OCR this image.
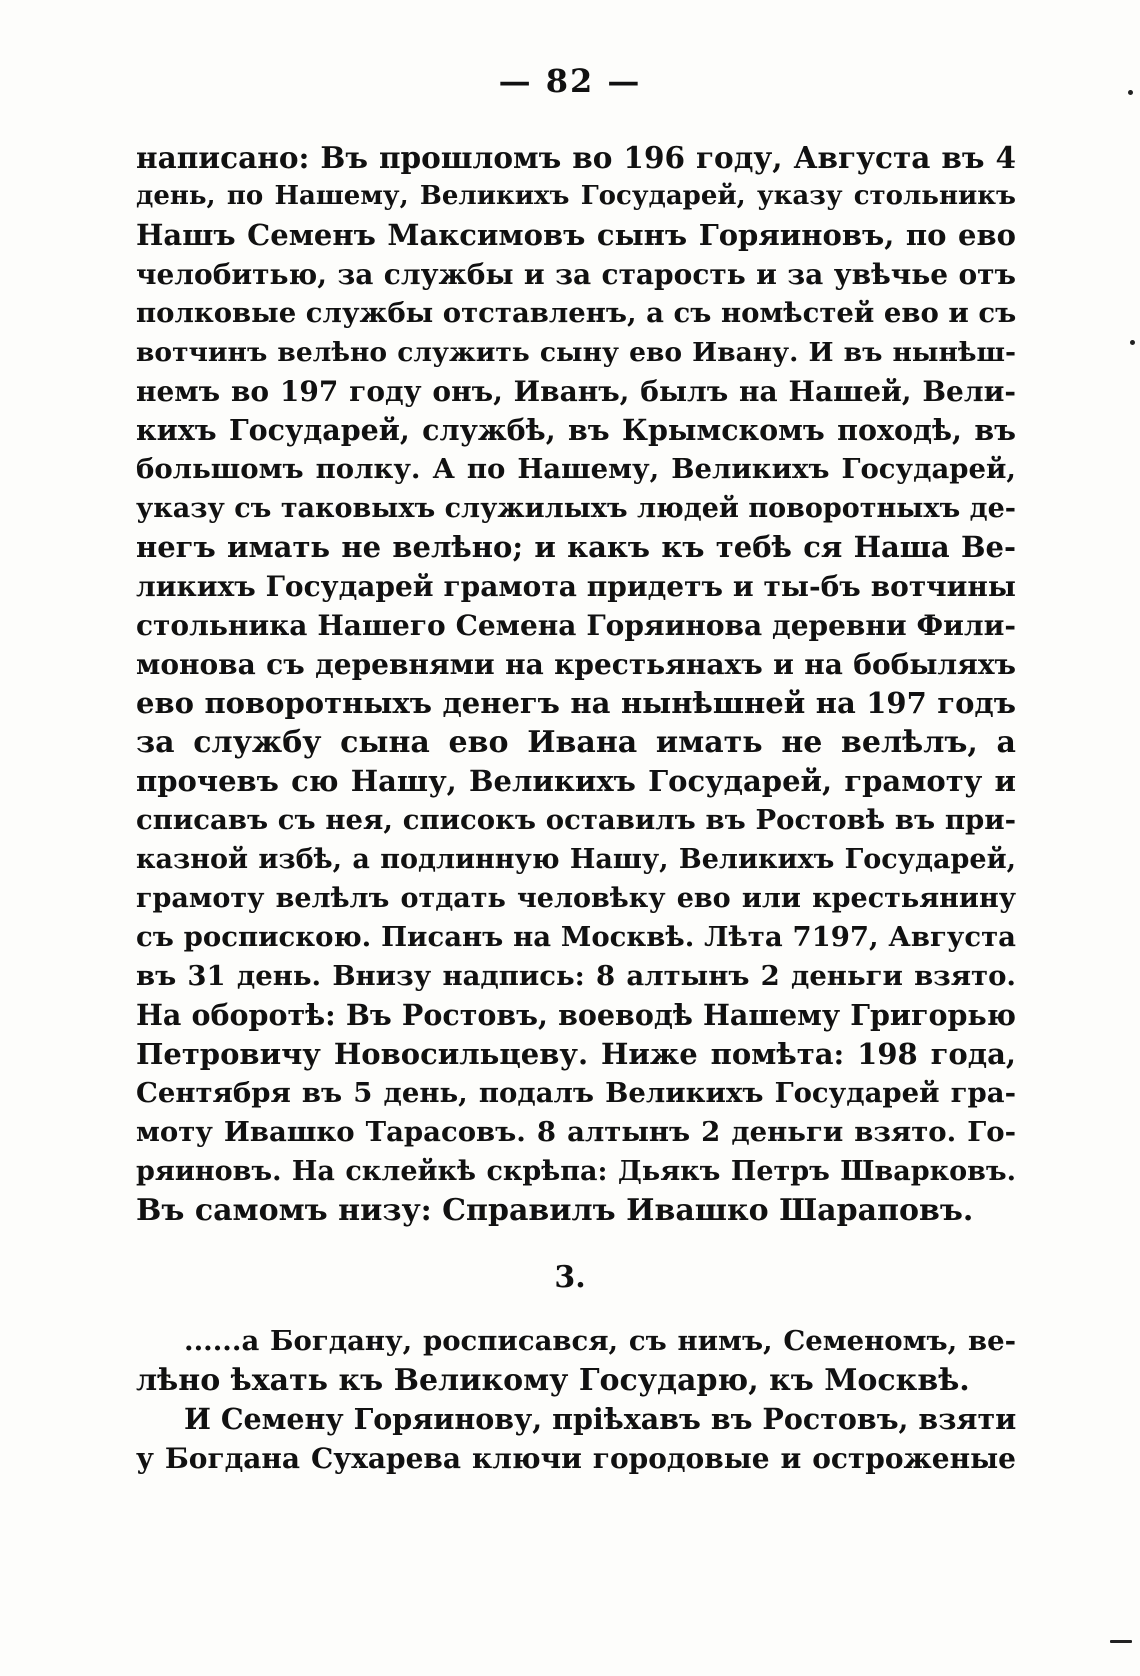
— 82 —
написано: Въ прошломъ во 196 году, Августа въ 4
день, по Нашему, Великихъ Государей, указу стольникъ
Нашъ Семенъ Максимовъ сынъ Горяиновъ, по ево
челобитью, за службы и за старость и за увѣчье отъ
полковые службы отставленъ, а съ номѣстей ево и съ
вотчинъ велѣно служить сыну ево Ивану. И въ нынѣш-
немъ во 197 году онъ, Иванъ, былъ на Нашей, Вели-
кихъ Государей, службѣ, въ Крымскомъ походѣ, въ
большомъ полку. А по Нашему, Великихъ Государей,
указу съ таковыхъ служилыхъ людей поворотныхъ де-
негъ имать не велѣно; и какъ къ тебѣ ся Наша Ве-
ликихъ Государей грамота придетъ и ты-бъ вотчины
стольника Нашего Семена Горяинова деревни Фили-
монова съ деревнями на крестьянахъ и на бобыляхъ
ево поворотныхъ денегъ на нынѣшней на 197 годъ
за службу сына ево Ивана имать не велѣлъ, а
прочевъ сю Нашу, Великихъ Государей, грамоту и
списавъ съ нея, списокъ оставилъ въ Ростовѣ въ при-
казной избѣ, а подлинную Нашу, Великихъ Государей,
грамоту велѣлъ отдать человѣку ево или крестьянину
съ роспискою. Писанъ на Москвѣ. Лѣта 7197, Августа
въ 31 день. Внизу надпись: 8 алтынъ 2 деньги взято.
На оборотѣ: Въ Ростовъ, воеводѣ Нашему Григорью
Петровичу Новосильцеву. Ниже помѣта: 198 года,
Сентября въ 5 день, подалъ Великихъ Государей гра-
моту Ивашко Тарасовъ. 8 алтынъ 2 деньги взято. Го-
ряиновъ. На склейкѣ скрѣпа: Дьякъ Петръ Шварковъ.
Въ самомъ низу: Справилъ Ивашко Шараповъ.
3.
......а Богдану, росписався, съ нимъ, Семеномъ, ве-
лѣно ѣхать къ Великому Государю, къ Москвѣ.
И Семену Горяинову, пріѣхавъ въ Ростовъ, взяти
у Богдана Сухарева ключи городовые и остроженые
